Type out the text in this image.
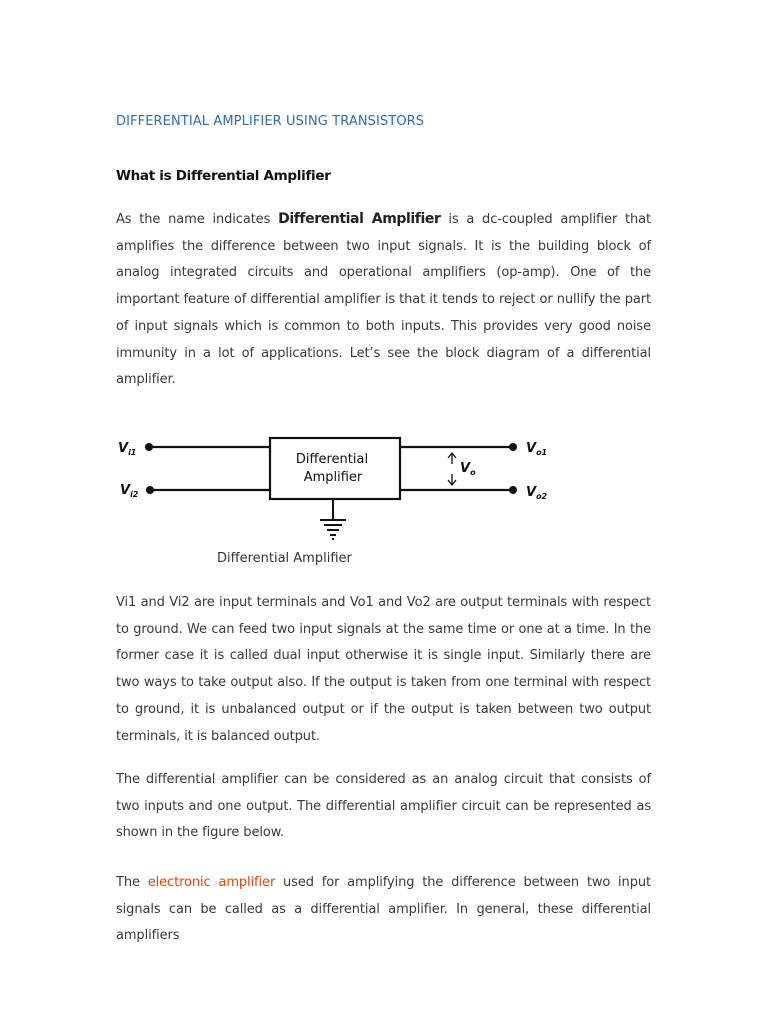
DIFFERENTIAL AMPLIFIER USING TRANSISTORS
What is Differential Amplifier

As the name indicates Differential Amplifier is a dc-coupled amplifier that amplifies the difference between two input signals. It is the building block of analog integrated circuits and operational amplifiers (op-amp). One of the important feature of differential amplifier is that it tends to reject or nullify the part of input signals which is common to both inputs. This provides very good noise immunity in a lot of applications. Let’s see the block diagram of a differential amplifier.

$V_{i1}$
$V_{i2}$
Differential
Amplifier
$V_{o1}$
$V_{o2}$
$V_o$
Differential Amplifier

Vi1 and Vi2 are input terminals and Vo1 and Vo2 are output terminals with respect to ground. We can feed two input signals at the same time or one at a time. In the former case it is called dual input otherwise it is single input. Similarly there are two ways to take output also. If the output is taken from one terminal with respect to ground, it is unbalanced output or if the output is taken between two output terminals, it is balanced output.

The differential amplifier can be considered as an analog circuit that consists of two inputs and one output. The differential amplifier circuit can be represented as shown in the figure below.

The electronic amplifier used for amplifying the difference between two input signals can be called as a differential amplifier. In general, these differential amplifiers
